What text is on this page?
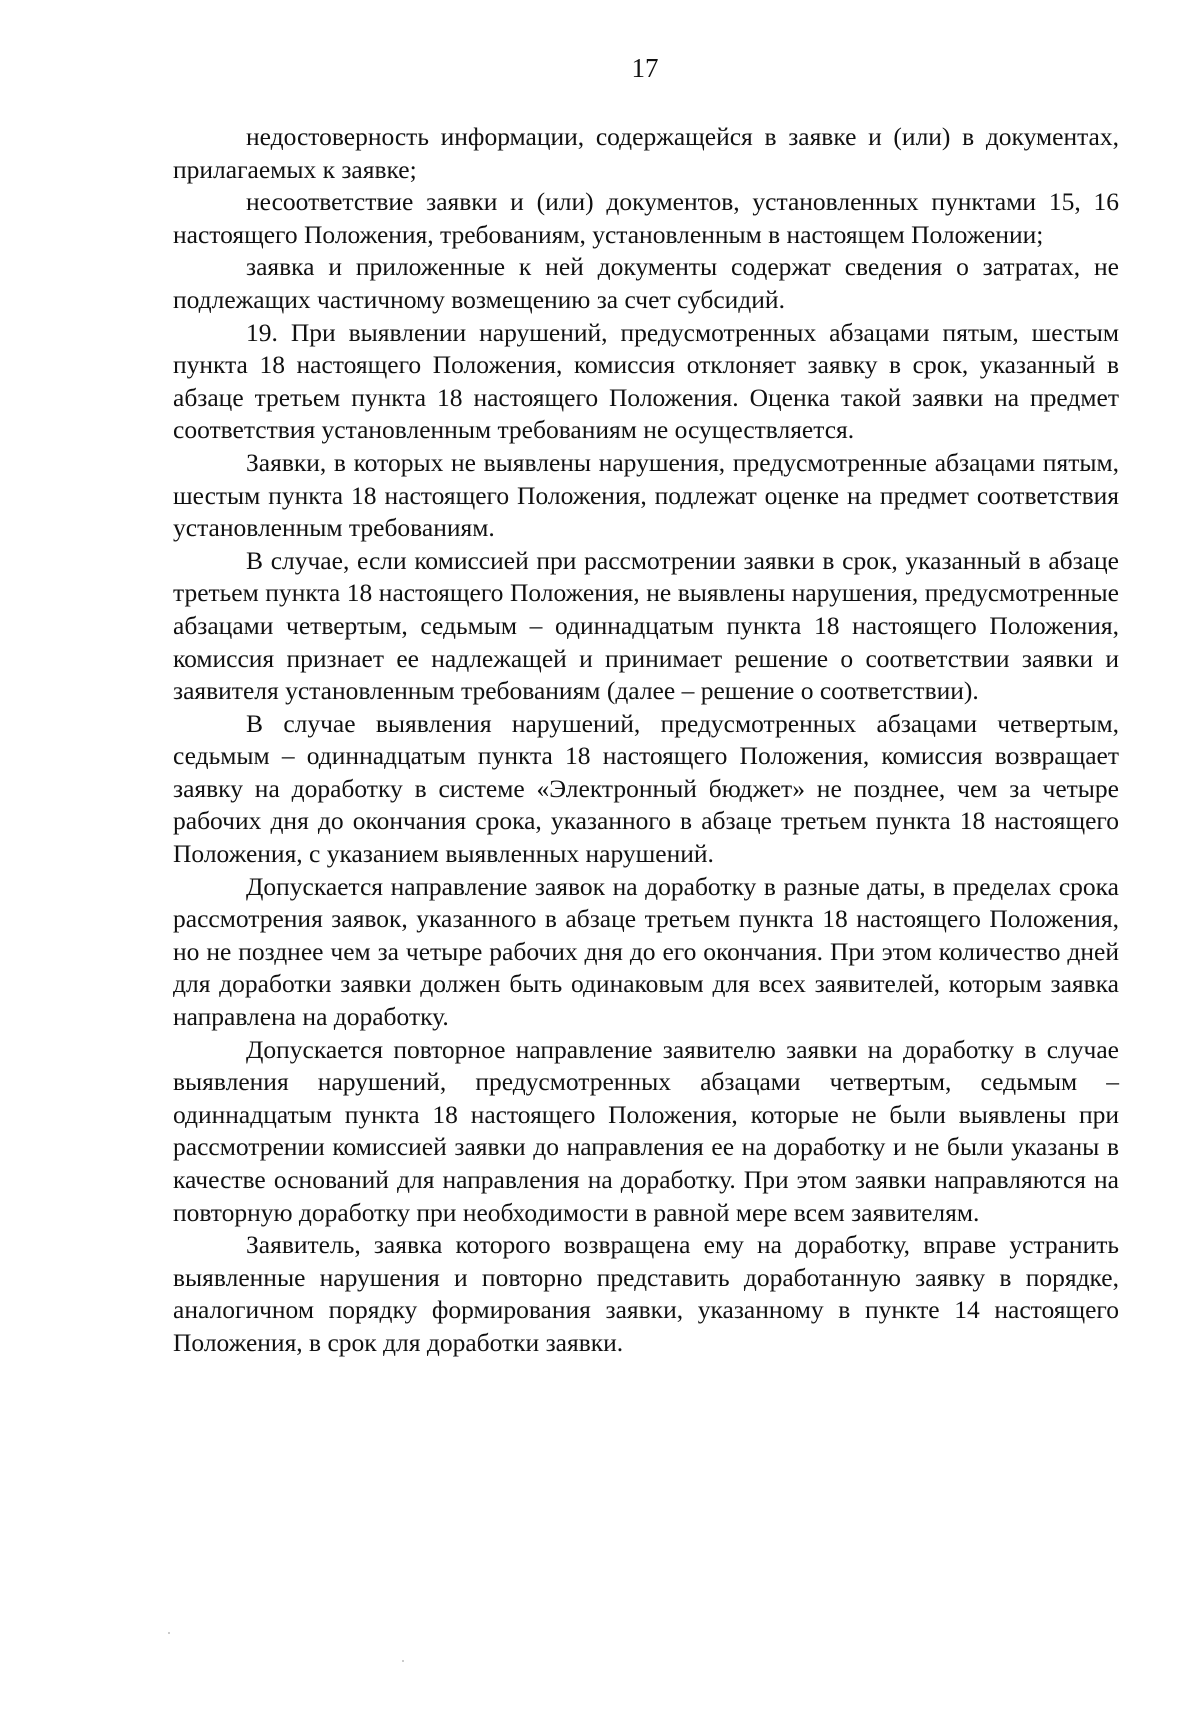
17

недостоверность информации, содержащейся в заявке и (или) в документах, прилагаемых к заявке;

несоответствие заявки и (или) документов, установленных пунктами 15, 16 настоящего Положения, требованиям, установленным в настоящем Положении;

заявка и приложенные к ней документы содержат сведения о затратах, не подлежащих частичному возмещению за счет субсидий.

19. При выявлении нарушений, предусмотренных абзацами пятым, шестым пункта 18 настоящего Положения, комиссия отклоняет заявку в срок, указанный в абзаце третьем пункта 18 настоящего Положения. Оценка такой заявки на предмет соответствия установленным требованиям не осуществляется.

Заявки, в которых не выявлены нарушения, предусмотренные абзацами пятым, шестым пункта 18 настоящего Положения, подлежат оценке на предмет соответствия установленным требованиям.

В случае, если комиссией при рассмотрении заявки в срок, указанный в абзаце третьем пункта 18 настоящего Положения, не выявлены нарушения, предусмотренные абзацами четвертым, седьмым – одиннадцатым пункта 18 настоящего Положения, комиссия признает ее надлежащей и принимает решение о соответствии заявки и заявителя установленным требованиям (далее – решение о соответствии).

В случае выявления нарушений, предусмотренных абзацами четвертым, седьмым – одиннадцатым пункта 18 настоящего Положения, комиссия возвращает заявку на доработку в системе «Электронный бюджет» не позднее, чем за четыре рабочих дня до окончания срока, указанного в абзаце третьем пункта 18 настоящего Положения, с указанием выявленных нарушений.

Допускается направление заявок на доработку в разные даты, в пределах срока рассмотрения заявок, указанного в абзаце третьем пункта 18 настоящего Положения, но не позднее чем за четыре рабочих дня до его окончания. При этом количество дней для доработки заявки должен быть одинаковым для всех заявителей, которым заявка направлена на доработку.

Допускается повторное направление заявителю заявки на доработку в случае выявления нарушений, предусмотренных абзацами четвертым, седьмым – одиннадцатым пункта 18 настоящего Положения, которые не были выявлены при рассмотрении комиссией заявки до направления ее на доработку и не были указаны в качестве оснований для направления на доработку. При этом заявки направляются на повторную доработку при необходимости в равной мере всем заявителям.

Заявитель, заявка которого возвращена ему на доработку, вправе устранить выявленные нарушения и повторно представить доработанную заявку в порядке, аналогичном порядку формирования заявки, указанному в пункте 14 настоящего Положения, в срок для доработки заявки.
